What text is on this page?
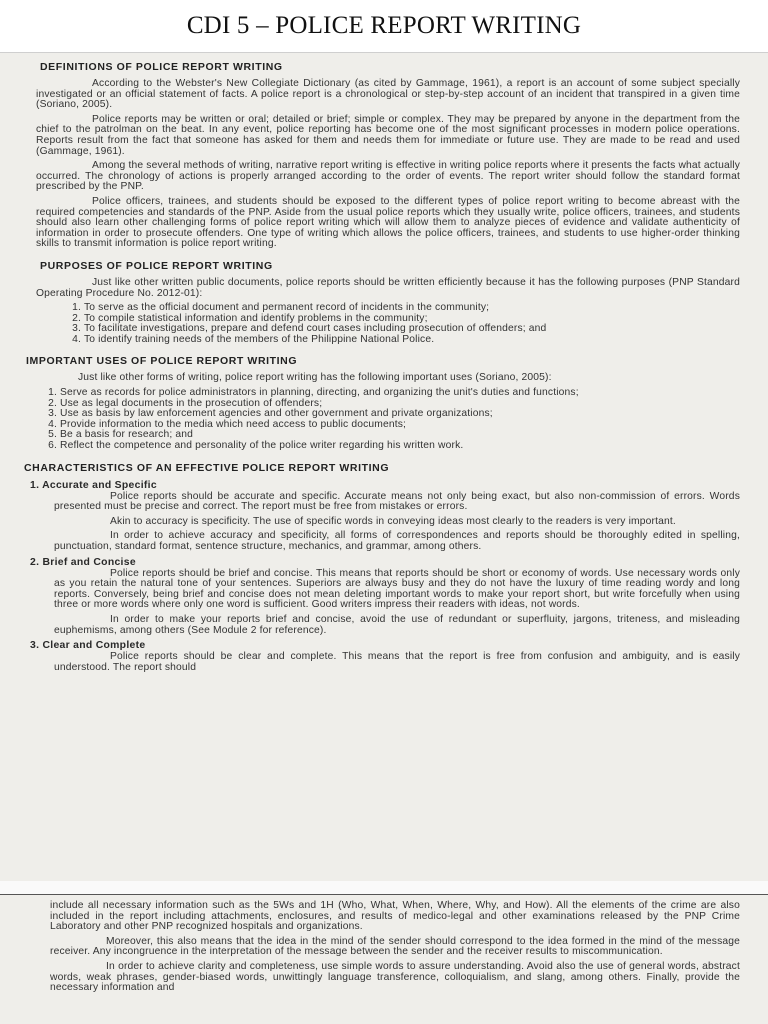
CDI 5 – POLICE REPORT WRITING
DEFINITIONS OF POLICE REPORT WRITING

According to the Webster's New Collegiate Dictionary (as cited by Gammage, 1961), a report is an account of some subject specially investigated or an official statement of facts. A police report is a chronological or step-by-step account of an incident that transpired in a given time (Soriano, 2005).

Police reports may be written or oral; detailed or brief; simple or complex. They may be prepared by anyone in the department from the chief to the patrolman on the beat. In any event, police reporting has become one of the most significant processes in modern police operations. Reports result from the fact that someone has asked for them and needs them for immediate or future use. They are made to be read and used (Gammage, 1961).

Among the several methods of writing, narrative report writing is effective in writing police reports where it presents the facts what actually occurred. The chronology of actions is properly arranged according to the order of events. The report writer should follow the standard format prescribed by the PNP.

Police officers, trainees, and students should be exposed to the different types of police report writing to become abreast with the required competencies and standards of the PNP. Aside from the usual police reports which they usually write, police officers, trainees, and students should also learn other challenging forms of police report writing which will allow them to analyze pieces of evidence and validate authenticity of information in order to prosecute offenders. One type of writing which allows the police officers, trainees, and students to use higher-order thinking skills to transmit information is police report writing.

PURPOSES OF POLICE REPORT WRITING

Just like other written public documents, police reports should be written efficiently because it has the following purposes (PNP Standard Operating Procedure No. 2012-01):

1. To serve as the official document and permanent record of incidents in the community;
2. To compile statistical information and identify problems in the community;
3. To facilitate investigations, prepare and defend court cases including prosecution of offenders; and
4. To identify training needs of the members of the Philippine National Police.
IMPORTANT USES OF POLICE REPORT WRITING

Just like other forms of writing, police report writing has the following important uses (Soriano, 2005):

1. Serve as records for police administrators in planning, directing, and organizing the unit's duties and functions;
2. Use as legal documents in the prosecution of offenders;
3. Use as basis by law enforcement agencies and other government and private organizations;
4. Provide information to the media which need access to public documents;
5. Be a basis for research; and
6. Reflect the competence and personality of the police writer regarding his written work.
CHARACTERISTICS OF AN EFFECTIVE POLICE REPORT WRITING
1. Accurate and Specific

Police reports should be accurate and specific. Accurate means not only being exact, but also non-commission of errors. Words presented must be precise and correct. The report must be free from mistakes or errors.

Akin to accuracy is specificity. The use of specific words in conveying ideas most clearly to the readers is very important.

In order to achieve accuracy and specificity, all forms of correspondences and reports should be thoroughly edited in spelling, punctuation, standard format, sentence structure, mechanics, and grammar, among others.

2. Brief and Concise

Police reports should be brief and concise. This means that reports should be short or economy of words. Use necessary words only as you retain the natural tone of your sentences. Superiors are always busy and they do not have the luxury of time reading wordy and long reports. Conversely, being brief and concise does not mean deleting important words to make your report short, but write forcefully when using three or more words where only one word is sufficient. Good writers impress their readers with ideas, not words.

In order to make your reports brief and concise, avoid the use of redundant or superfluity, jargons, triteness, and misleading euphemisms, among others (See Module 2 for reference).

3. Clear and Complete

Police reports should be clear and complete. This means that the report is free from confusion and ambiguity, and is easily understood. The report should

include all necessary information such as the 5Ws and 1H (Who, What, When, Where, Why, and How). All the elements of the crime are also included in the report including attachments, enclosures, and results of medico-legal and other examinations released by the PNP Crime Laboratory and other PNP recognized hospitals and organizations.

Moreover, this also means that the idea in the mind of the sender should correspond to the idea formed in the mind of the message receiver. Any incongruence in the interpretation of the message between the sender and the receiver results to miscommunication.

In order to achieve clarity and completeness, use simple words to assure understanding. Avoid also the use of general words, abstract words, weak phrases, gender-biased words, unwittingly language transference, colloquialism, and slang, among others. Finally, provide the necessary information and
